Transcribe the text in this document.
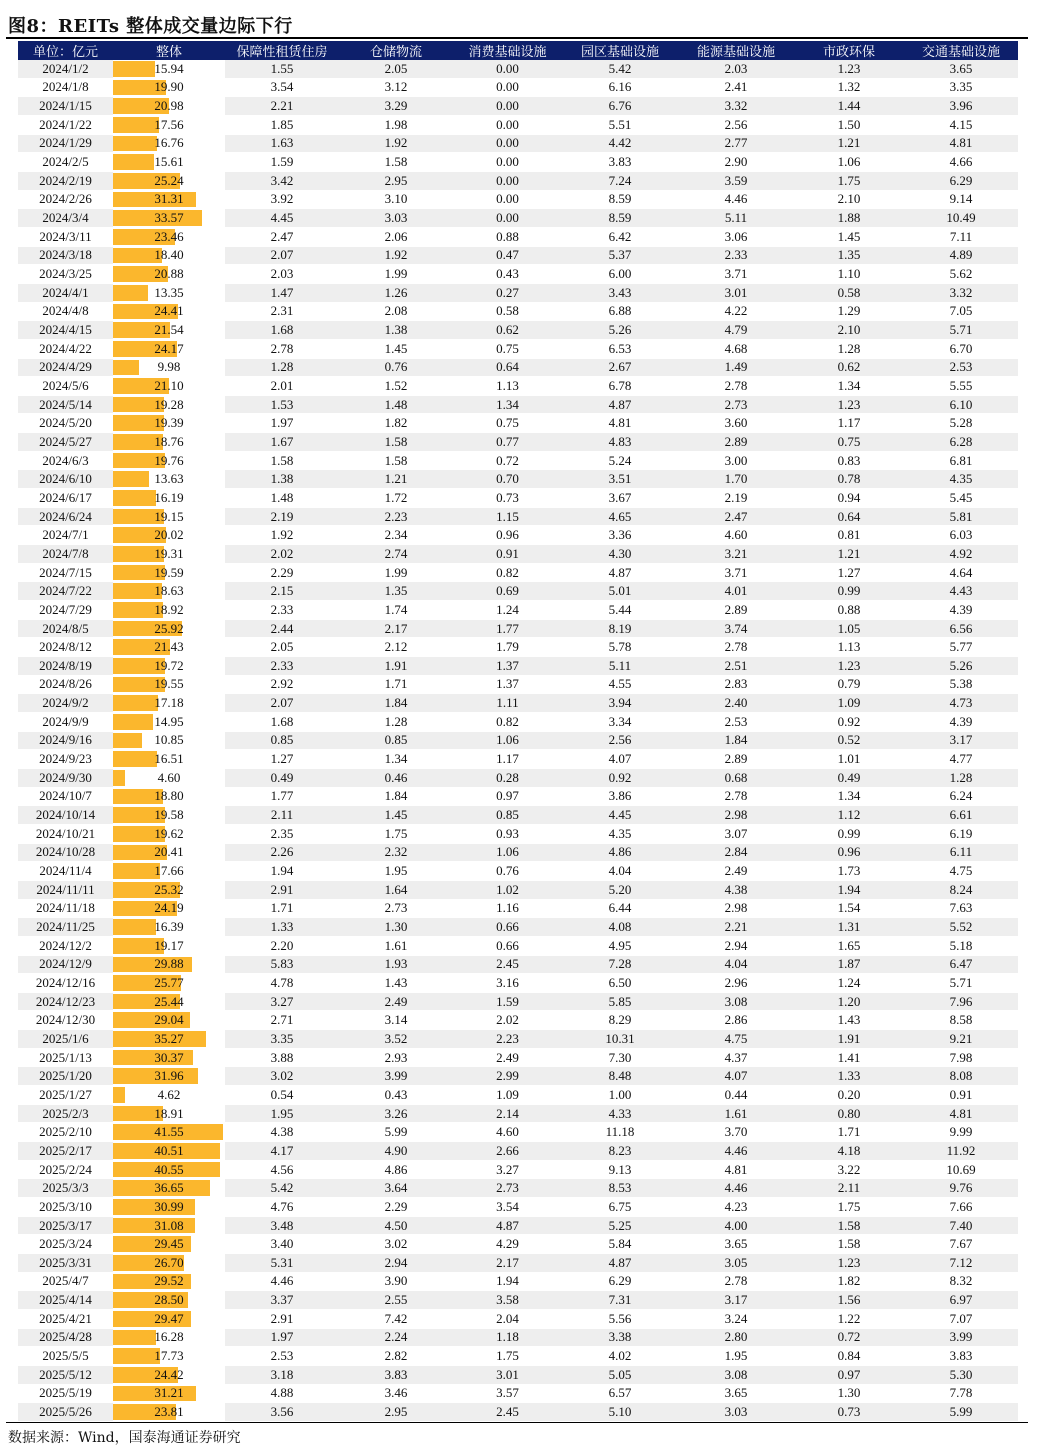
图8：REITs 整体成交量边际下行
单位：亿元	整体	保障性租赁住房	仓储物流	消费基础设施	园区基础设施	能源基础设施	市政环保	交通基础设施
2024/1/2	15.94	1.55	2.05	0.00	5.42	2.03	1.23	3.65
2024/1/8	19.90	3.54	3.12	0.00	6.16	2.41	1.32	3.35
2024/1/15	20.98	2.21	3.29	0.00	6.76	3.32	1.44	3.96
2024/1/22	17.56	1.85	1.98	0.00	5.51	2.56	1.50	4.15
2024/1/29	16.76	1.63	1.92	0.00	4.42	2.77	1.21	4.81
2024/2/5	15.61	1.59	1.58	0.00	3.83	2.90	1.06	4.66
2024/2/19	25.24	3.42	2.95	0.00	7.24	3.59	1.75	6.29
2024/2/26	31.31	3.92	3.10	0.00	8.59	4.46	2.10	9.14
2024/3/4	33.57	4.45	3.03	0.00	8.59	5.11	1.88	10.49
2024/3/11	23.46	2.47	2.06	0.88	6.42	3.06	1.45	7.11
2024/3/18	18.40	2.07	1.92	0.47	5.37	2.33	1.35	4.89
2024/3/25	20.88	2.03	1.99	0.43	6.00	3.71	1.10	5.62
2024/4/1	13.35	1.47	1.26	0.27	3.43	3.01	0.58	3.32
2024/4/8	24.41	2.31	2.08	0.58	6.88	4.22	1.29	7.05
2024/4/15	21.54	1.68	1.38	0.62	5.26	4.79	2.10	5.71
2024/4/22	24.17	2.78	1.45	0.75	6.53	4.68	1.28	6.70
2024/4/29	9.98	1.28	0.76	0.64	2.67	1.49	0.62	2.53
2024/5/6	21.10	2.01	1.52	1.13	6.78	2.78	1.34	5.55
2024/5/14	19.28	1.53	1.48	1.34	4.87	2.73	1.23	6.10
2024/5/20	19.39	1.97	1.82	0.75	4.81	3.60	1.17	5.28
2024/5/27	18.76	1.67	1.58	0.77	4.83	2.89	0.75	6.28
2024/6/3	19.76	1.58	1.58	0.72	5.24	3.00	0.83	6.81
2024/6/10	13.63	1.38	1.21	0.70	3.51	1.70	0.78	4.35
2024/6/17	16.19	1.48	1.72	0.73	3.67	2.19	0.94	5.45
2024/6/24	19.15	2.19	2.23	1.15	4.65	2.47	0.64	5.81
2024/7/1	20.02	1.92	2.34	0.96	3.36	4.60	0.81	6.03
2024/7/8	19.31	2.02	2.74	0.91	4.30	3.21	1.21	4.92
2024/7/15	19.59	2.29	1.99	0.82	4.87	3.71	1.27	4.64
2024/7/22	18.63	2.15	1.35	0.69	5.01	4.01	0.99	4.43
2024/7/29	18.92	2.33	1.74	1.24	5.44	2.89	0.88	4.39
2024/8/5	25.92	2.44	2.17	1.77	8.19	3.74	1.05	6.56
2024/8/12	21.43	2.05	2.12	1.79	5.78	2.78	1.13	5.77
2024/8/19	19.72	2.33	1.91	1.37	5.11	2.51	1.23	5.26
2024/8/26	19.55	2.92	1.71	1.37	4.55	2.83	0.79	5.38
2024/9/2	17.18	2.07	1.84	1.11	3.94	2.40	1.09	4.73
2024/9/9	14.95	1.68	1.28	0.82	3.34	2.53	0.92	4.39
2024/9/16	10.85	0.85	0.85	1.06	2.56	1.84	0.52	3.17
2024/9/23	16.51	1.27	1.34	1.17	4.07	2.89	1.01	4.77
2024/9/30	4.60	0.49	0.46	0.28	0.92	0.68	0.49	1.28
2024/10/7	18.80	1.77	1.84	0.97	3.86	2.78	1.34	6.24
2024/10/14	19.58	2.11	1.45	0.85	4.45	2.98	1.12	6.61
2024/10/21	19.62	2.35	1.75	0.93	4.35	3.07	0.99	6.19
2024/10/28	20.41	2.26	2.32	1.06	4.86	2.84	0.96	6.11
2024/11/4	17.66	1.94	1.95	0.76	4.04	2.49	1.73	4.75
2024/11/11	25.32	2.91	1.64	1.02	5.20	4.38	1.94	8.24
2024/11/18	24.19	1.71	2.73	1.16	6.44	2.98	1.54	7.63
2024/11/25	16.39	1.33	1.30	0.66	4.08	2.21	1.31	5.52
2024/12/2	19.17	2.20	1.61	0.66	4.95	2.94	1.65	5.18
2024/12/9	29.88	5.83	1.93	2.45	7.28	4.04	1.87	6.47
2024/12/16	25.77	4.78	1.43	3.16	6.50	2.96	1.24	5.71
2024/12/23	25.44	3.27	2.49	1.59	5.85	3.08	1.20	7.96
2024/12/30	29.04	2.71	3.14	2.02	8.29	2.86	1.43	8.58
2025/1/6	35.27	3.35	3.52	2.23	10.31	4.75	1.91	9.21
2025/1/13	30.37	3.88	2.93	2.49	7.30	4.37	1.41	7.98
2025/1/20	31.96	3.02	3.99	2.99	8.48	4.07	1.33	8.08
2025/1/27	4.62	0.54	0.43	1.09	1.00	0.44	0.20	0.91
2025/2/3	18.91	1.95	3.26	2.14	4.33	1.61	0.80	4.81
2025/2/10	41.55	4.38	5.99	4.60	11.18	3.70	1.71	9.99
2025/2/17	40.51	4.17	4.90	2.66	8.23	4.46	4.18	11.92
2025/2/24	40.55	4.56	4.86	3.27	9.13	4.81	3.22	10.69
2025/3/3	36.65	5.42	3.64	2.73	8.53	4.46	2.11	9.76
2025/3/10	30.99	4.76	2.29	3.54	6.75	4.23	1.75	7.66
2025/3/17	31.08	3.48	4.50	4.87	5.25	4.00	1.58	7.40
2025/3/24	29.45	3.40	3.02	4.29	5.84	3.65	1.58	7.67
2025/3/31	26.70	5.31	2.94	2.17	4.87	3.05	1.23	7.12
2025/4/7	29.52	4.46	3.90	1.94	6.29	2.78	1.82	8.32
2025/4/14	28.50	3.37	2.55	3.58	7.31	3.17	1.56	6.97
2025/4/21	29.47	2.91	7.42	2.04	5.56	3.24	1.22	7.07
2025/4/28	16.28	1.97	2.24	1.18	3.38	2.80	0.72	3.99
2025/5/5	17.73	2.53	2.82	1.75	4.02	1.95	0.84	3.83
2025/5/12	24.42	3.18	3.83	3.01	5.05	3.08	0.97	5.30
2025/5/19	31.21	4.88	3.46	3.57	6.57	3.65	1.30	7.78
2025/5/26	23.81	3.56	2.95	2.45	5.10	3.03	0.73	5.99
数据来源：Wind，国泰海通证券研究
